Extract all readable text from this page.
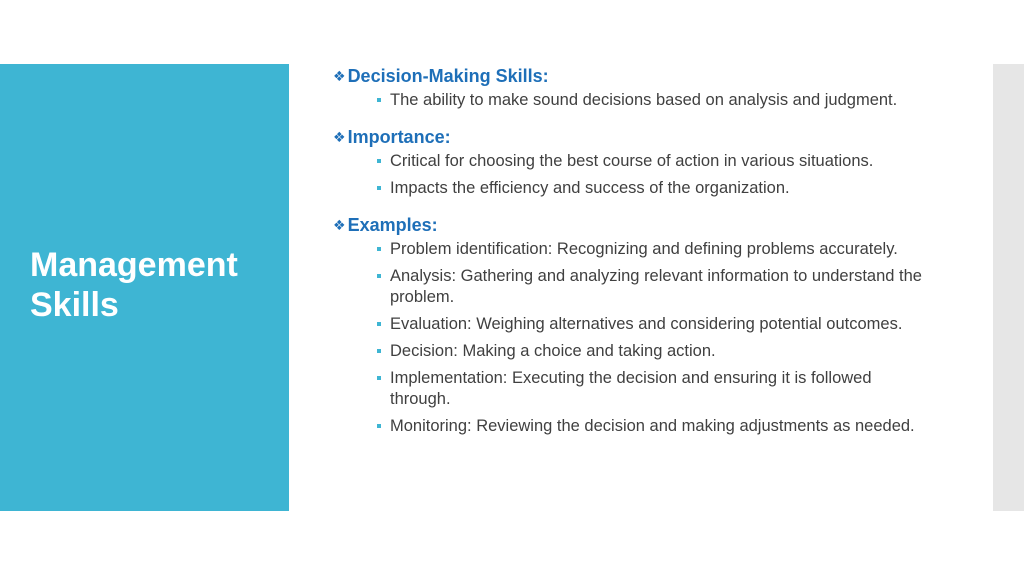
Management Skills
❖ Decision-Making Skills:
The ability to make sound decisions based on analysis and judgment.
❖ Importance:
Critical for choosing the best course of action in various situations.
Impacts the efficiency and success of the organization.
❖ Examples:
Problem identification: Recognizing and defining problems accurately.
Analysis: Gathering and analyzing relevant information to understand the problem.
Evaluation: Weighing alternatives and considering potential outcomes.
Decision: Making a choice and taking action.
Implementation: Executing the decision and ensuring it is followed through.
Monitoring: Reviewing the decision and making adjustments as needed.
